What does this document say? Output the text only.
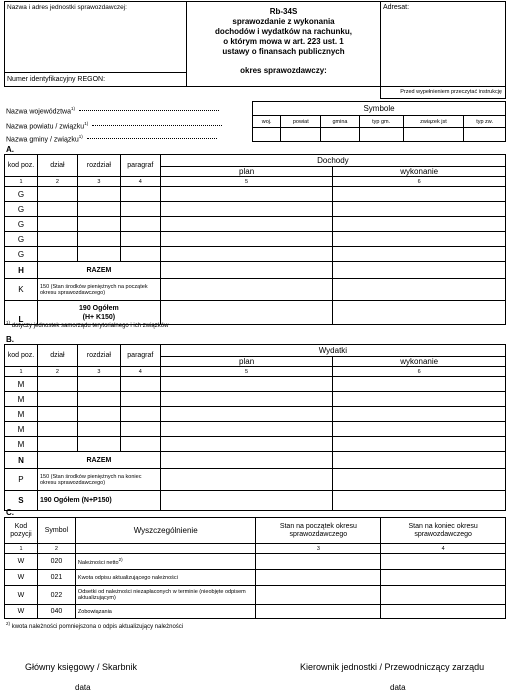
Nazwa i adres jednostki sprawozdawczej:
Numer identyfikacyjny REGON:
Rb-34S
sprawozdanie z wykonania
dochodów i wydatków na rachunku,
o którym mowa w art. 223 ust. 1
ustawy o finansach publicznych
okres sprawozdawczy:
Adresat:
Przed wypełnieniem przeczytać instrukcję
Nazwa województwa$^{1)}$
Nazwa powiatu / związku$^{1)}$
Nazwa gminy / związku$^{1)}$
Symbole					
woj.	powiat	gmina	typ gm.	związek jst	typ zw.

A.
kod poz.	dział	rozdział	paragraf	Dochody	
				plan	wykonanie
1	2	3	4	5	6
G					
G					
G					
G					
G					
H	RAZEM				
K	150 (Stan środków pieniężnych na początek okresu sprawozdawczego)				
L	190 Ogółem
(H+ K150)				

$^{1)}$ dotyczy jednostek samorządu terytorialnego i ich związków
B.
kod poz.	dział	rozdział	paragraf	Wydatki	
				plan	wykonanie
1	2	3	4	5	6
M					
M					
M					
M					
M					
N	RAZEM				
P	150 (Stan środków pieniężnych na koniec okresu sprawozdawczego)				
S	190 Ogółem (N+P150)				
C.
Kod pozycji	Symbol	Wyszczególnienie	Stan na początek okresu sprawozdawczego	Stan na koniec okresu sprawozdawczego
1	2		3	4
W	020	Należności netto$^{2)}$		
W	021	Kwota odpisu aktualizującego należności		
W	022	Odsetki od należności niezapłaconych w terminie (nieobjęte odpisem aktualizującym)		
W	040	Zobowiązania		
$^{2)}$ kwota należności pomniejszona o odpis aktualizujący należności
Główny księgowy / Skarbnik	Kierownik jednostki / Przewodniczący zarządu
data	data
